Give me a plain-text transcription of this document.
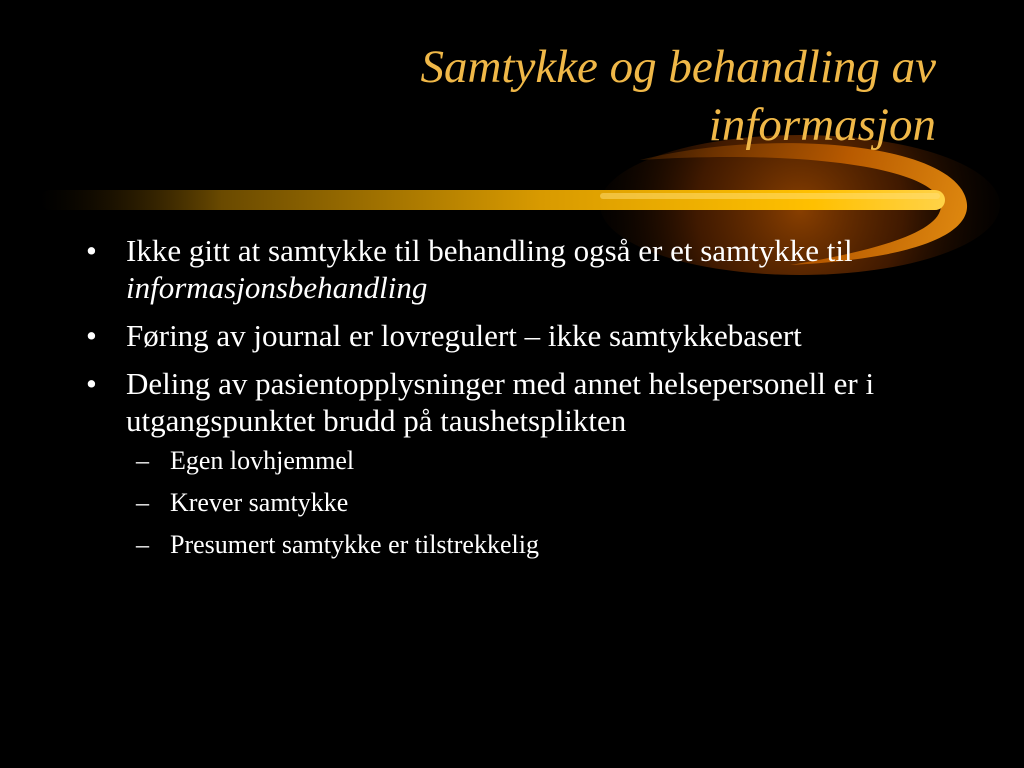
Samtykke og behandling av
informasjon
• Ikke gitt at samtykke til behandling også er et samtykke til informasjonsbehandling
• Føring av journal er lovregulert – ikke samtykkebasert
• Deling av pasientopplysninger med annet helsepersonell er i utgangspunktet brudd på taushetsplikten
– Egen lovhjemmel
– Krever samtykke
– Presumert samtykke er tilstrekkelig
